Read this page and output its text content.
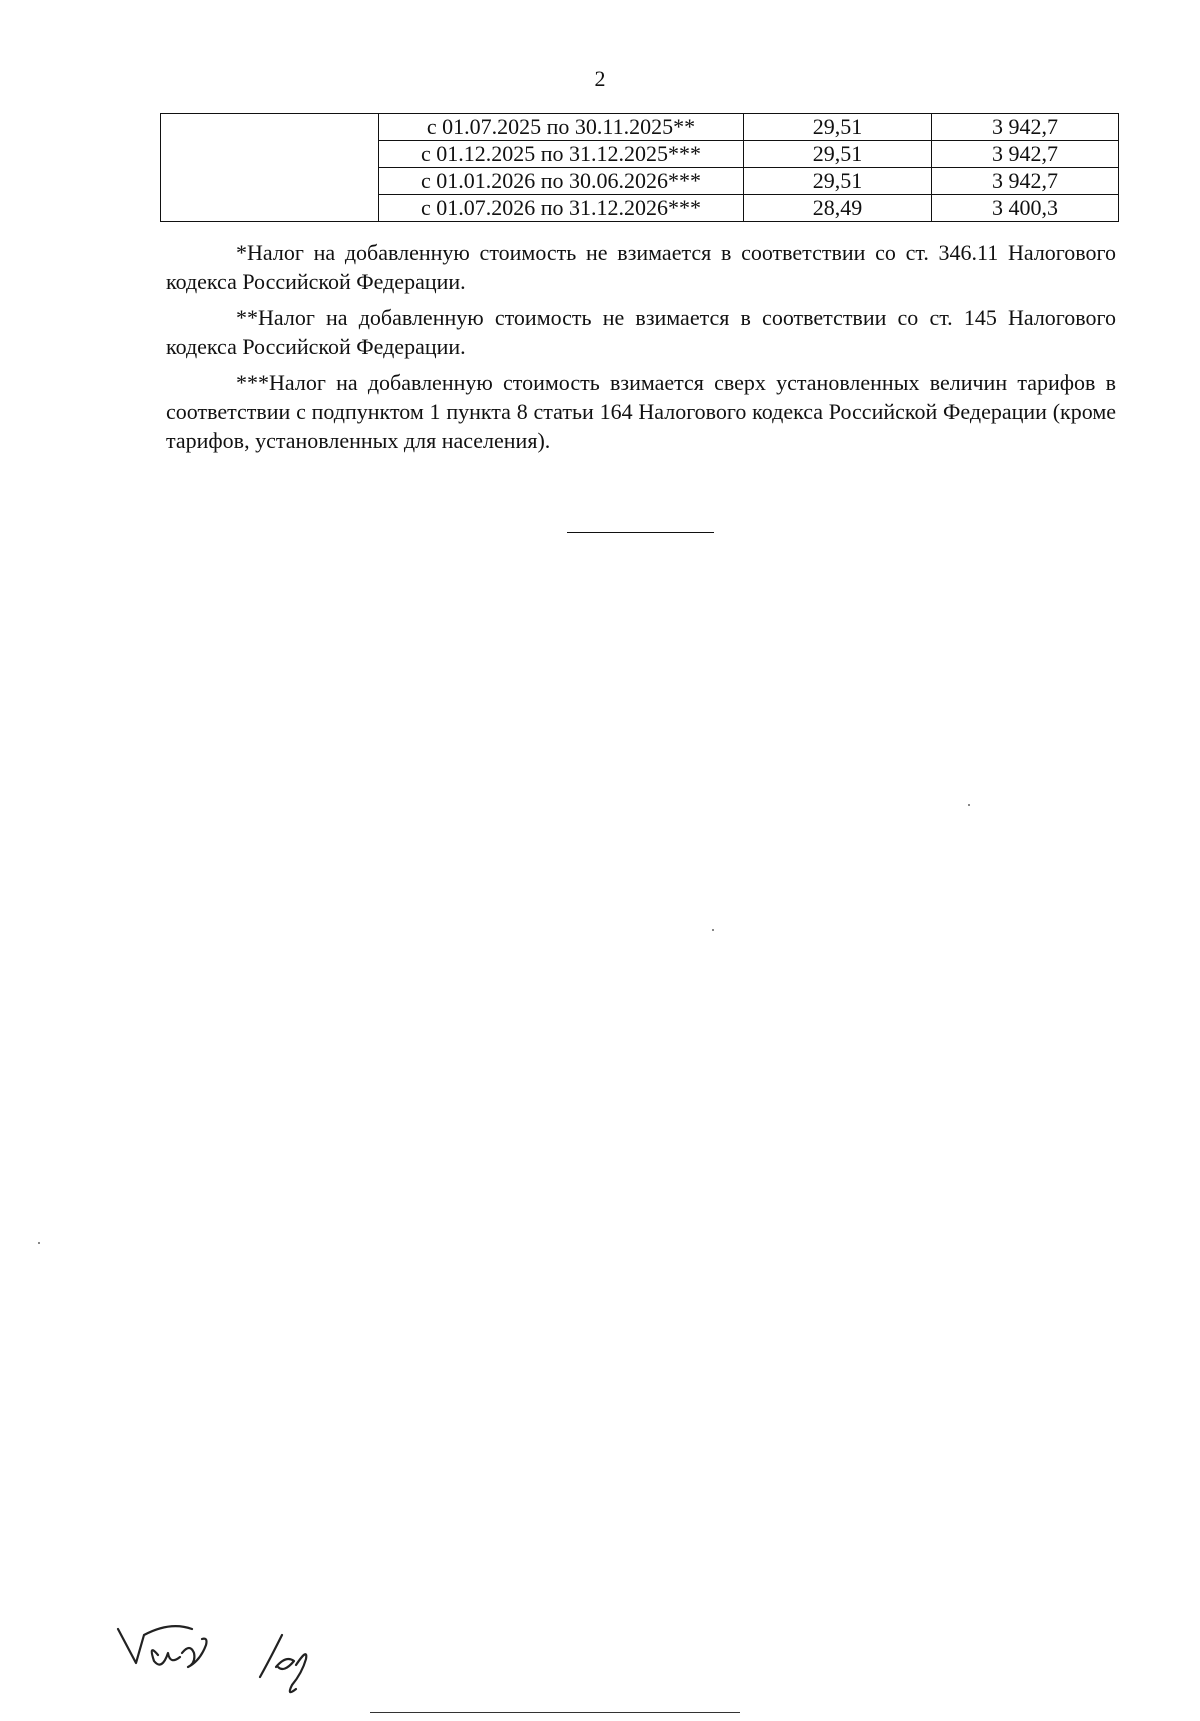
2
	с 01.07.2025 по 30.11.2025**	29,51	3 942,7
	с 01.12.2025 по 31.12.2025***	29,51	3 942,7
	с 01.01.2026 по 30.06.2026***	29,51	3 942,7
	с 01.07.2026 по 31.12.2026***	28,49	3 400,3

*Налог на добавленную стоимость не взимается в соответствии со ст. 346.11 Налогового кодекса Российской Федерации.

**Налог на добавленную стоимость не взимается в соответствии со ст. 145 Налогового кодекса Российской Федерации.

***Налог на добавленную стоимость взимается сверх установленных величин тарифов в соответствии с подпунктом 1 пункта 8 статьи 164 Налогового кодекса Российской Федерации (кроме тарифов, установленных для населения).
